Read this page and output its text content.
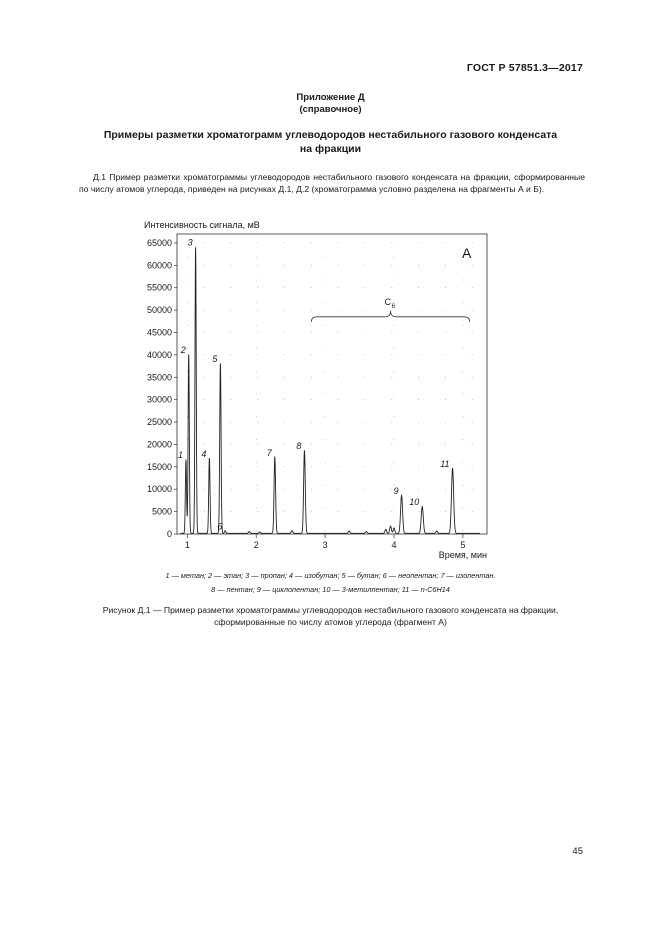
ГОСТ Р 57851.3—2017
Приложение Д
(справочное)
Примеры разметки хроматограмм углеводородов нестабильного газового конденсата
на фракции
Д.1 Пример разметки хроматограммы углеводородов нестабильного газового конденсата на фракции, сформированные по числу атомов углерода, приведен на рисунках Д.1, Д.2 (хроматограмма условно разделена на фрагменты А и Б).
0
5000
10000
15000
20000
25000
30000
35000
40000
45000
50000
55000
60000
65000
1	2	3	4	5
Интенсивность сигнала, мВ
Время, мин
A
1
2
3
4
5
6
7
8
9
10
11
C 6
1 — метан; 2 — этан; 3 — пропан; 4 — изобутан; 5 — бутан; 6 — неопентан; 7 — изопентан.
8 — пентан; 9 — циклопентан; 10 — 3-метилпентан; 11 — n-C6H14
Рисунок Д.1 — Пример разметки хроматограммы углеводородов нестабильного газового конденсата на фракции,
сформированные по числу атомов углерода (фрагмент А)
45
